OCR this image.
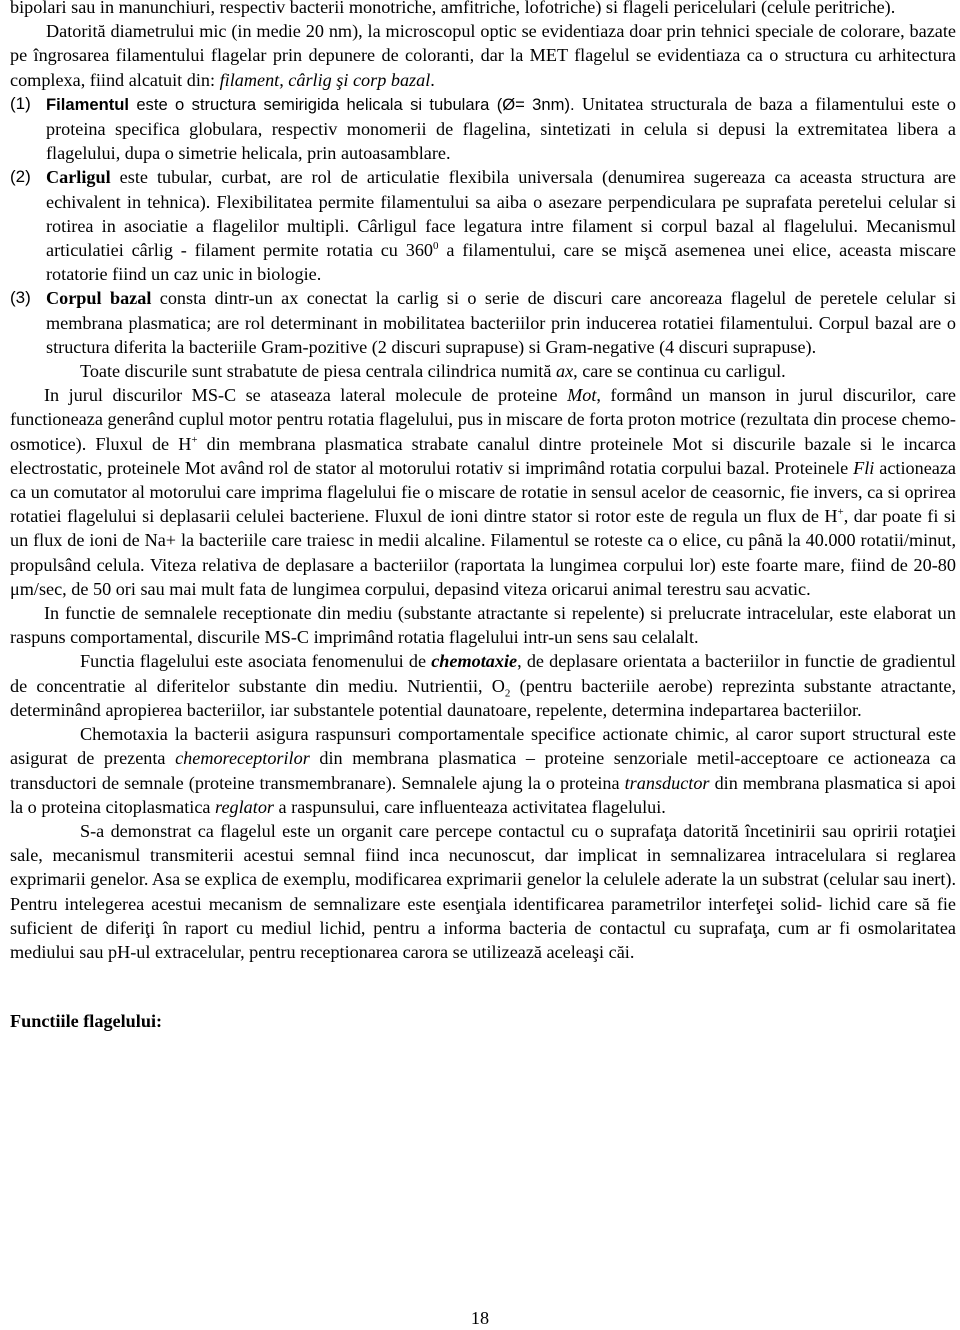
bipolari sau in manunchiuri, respectiv bacterii monotriche, amfitriche, lofotriche) si flageli pericelulari (celule peritriche).

Datorită diametrului mic (in medie 20 nm), la microscopul optic se evidentiaza doar prin tehnici speciale de colorare, bazate pe îngrosarea filamentului flagelar prin depunere de coloranti, dar la MET flagelul se evidentiaza ca o structura cu arhitectura complexa, fiind alcatuit din: filament, cârlig şi corp bazal.

(1) Filamentul este o structura semirigida helicala si tubulara (Ø= 3nm). Unitatea structurala de baza a filamentului este o proteina specifica globulara, respectiv monomerii de flagelina, sintetizati in celula si depusi la extremitatea libera a flagelului, dupa o simetrie helicala, prin autoasamblare.

(2) Carligul este tubular, curbat, are rol de articulatie flexibila universala (denumirea sugereaza ca aceasta structura are echivalent in tehnica). Flexibilitatea permite filamentului sa aiba o asezare perpendiculara pe suprafata peretelui celular si rotirea in asociatie a flagelilor multipli. Cârligul face legatura intre filament si corpul bazal al flagelului. Mecanismul articulatiei cârlig - filament permite rotatia cu $360^0$ a filamentului, care se mişcă asemenea unei elice, aceasta miscare rotatorie fiind un caz unic in biologie.

(3) Corpul bazal consta dintr-un ax conectat la carlig si o serie de discuri care ancoreaza flagelul de peretele celular si membrana plasmatica; are rol determinant in mobilitatea bacteriilor prin inducerea rotatiei filamentului. Corpul bazal are o structura diferita la bacteriile Gram-pozitive (2 discuri suprapuse) si Gram-negative (4 discuri suprapuse).

Toate discurile sunt strabatute de piesa centrala cilindrica numită ax, care se continua cu carligul.

In jurul discurilor MS-C se ataseaza lateral molecule de proteine Mot, formând un manson in jurul discurilor, care functioneaza generând cuplul motor pentru rotatia flagelului, pus in miscare de forta proton motrice (rezultata din procese chemo-osmotice). Fluxul de H+ din membrana plasmatica strabate canalul dintre proteinele Mot si discurile bazale si le incarca electrostatic, proteinele Mot având rol de stator al motorului rotativ si imprimând rotatia corpului bazal. Proteinele Fli actioneaza ca un comutator al motorului care imprima flagelului fie o miscare de rotatie in sensul acelor de ceasornic, fie invers, ca si oprirea rotatiei flagelului si deplasarii celulei bacteriene. Fluxul de ioni dintre stator si rotor este de regula un flux de H+, dar poate fi si un flux de ioni de Na+ la bacteriile care traiesc in medii alcaline. Filamentul se roteste ca o elice, cu până la 40.000 rotatii/minut, propulsând celula. Viteza relativa de deplasare a bacteriilor (raportata la lungimea corpului lor) este foarte mare, fiind de 20-80 μm/sec, de 50 ori sau mai mult fata de lungimea corpului, depasind viteza oricarui animal terestru sau acvatic.

In functie de semnalele receptionate din mediu (substante atractante si repelente) si prelucrate intracelular, este elaborat un raspuns comportamental, discurile MS-C imprimând rotatia flagelului intr-un sens sau celalalt.

Functia flagelului este asociata fenomenului de chemotaxie, de deplasare orientata a bacteriilor in functie de gradientul de concentratie al diferitelor substante din mediu. Nutrientii, $O_2$ (pentru bacteriile aerobe) reprezinta substante atractante, determinând apropierea bacteriilor, iar substantele potential daunatoare, repelente, determina indepartarea bacteriilor.

Chemotaxia la bacterii asigura raspunsuri comportamentale specifice actionate chimic, al caror suport structural este asigurat de prezenta chemoreceptorilor din membrana plasmatica – proteine senzoriale metil-acceptoare ce actioneaza ca transductori de semnale (proteine transmembranare). Semnalele ajung la o proteina transductor din membrana plasmatica si apoi la o proteina citoplasmatica reglator a raspunsului, care influenteaza activitatea flagelului.

S-a demonstrat ca flagelul este un organit care percepe contactul cu o suprafaţa datorită încetinirii sau opririi rotaţiei sale, mecanismul transmiterii acestui semnal fiind inca necunoscut, dar implicat in semnalizarea intracelulara si reglarea exprimarii genelor. Asa se explica de exemplu, modificarea exprimarii genelor la celulele aderate la un substrat (celular sau inert). Pentru intelegerea acestui mecanism de semnalizare este esenţiala identificarea parametrilor interfeţei solid- lichid care să fie suficient de diferiţi în raport cu mediul lichid, pentru a informa bacteria de contactul cu suprafaţa, cum ar fi osmolaritatea mediului sau pH-ul extracelular, pentru receptionarea carora se utilizează aceleaşi căi.

Functiile flagelului:

18
